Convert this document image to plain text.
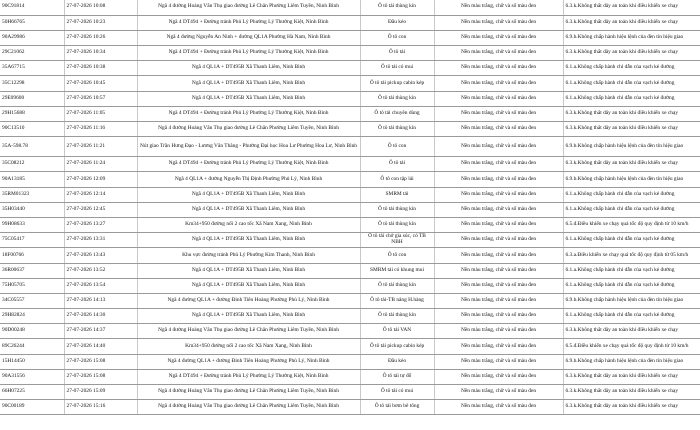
90C91814	27-07-2026 10:08	Ngã 4 đường Hoàng Văn Thụ giao đường Lê Chân Phường Liêm Tuyền, Ninh Bình	Ô tô tải thùng kín	Nền màu trắng, chữ và số màu đen	6.3.k.Không thắt dây an toàn khi điều khiển xe chạy
50H66765	27-07-2026 10:23	Ngã 4 DT494 + Đường tránh Phủ Lý Phường Lý Thường Kiệt, Ninh Bình	Đầu kéo	Nền màu trắng, chữ và số màu đen	6.3.k.Không thắt dây an toàn khi điều khiển xe chạy
90A29986	27-07-2026 10:26	Ngã 4 đường Nguyễn An Ninh + đường QL1A Phường Hà Nam, Ninh Bình	Ô tô con	Nền màu trắng, chữ và số màu đen	6.9.b.Không chấp hành hiệu lệnh của đèn tín hiệu giao
29C21062	27-07-2026 10:34	Ngã 4 DT494 + Đường tránh Phủ Lý Phường Lý Thường Kiệt, Ninh Bình	Ô tô tải	Nền màu trắng, chữ và số màu đen	6.3.k.Không thắt dây an toàn khi điều khiển xe chạy
35A67715	27-07-2026 10:38	Ngã 4 QL1A + DT495B Xã Thanh Liêm, Ninh Bình	Ô tô tải có mui	Nền màu trắng, chữ và số màu đen	6.1.a.Không chấp hành chỉ dẫn của vạch kẻ đường
35C12298	27-07-2026 10:45	Ngã 4 QL1A + DT495B Xã Thanh Liêm, Ninh Bình	Ô tô tải pickup cabin kép	Nền màu trắng, chữ và số màu đen	6.1.a.Không chấp hành chỉ dẫn của vạch kẻ đường
29E09600	27-07-2026 10:57	Ngã 4 QL1A + DT495B Xã Thanh Liêm, Ninh Bình	Ô tô tải thùng kín	Nền màu trắng, chữ và số màu đen	6.1.a.Không chấp hành chỉ dẫn của vạch kẻ đường
29H15688	27-07-2026 11:05	Ngã 4 DT494 + Đường tránh Phủ Lý Phường Lý Thường Kiệt, Ninh Bình	Ô tô tải chuyên dùng	Nền màu trắng, chữ và số màu đen	6.3.k.Không thắt dây an toàn khi điều khiển xe chạy
90C13510	27-07-2026 11:16	Ngã 4 đường Hoàng Văn Thụ giao đường Lê Chân Phường Liêm Tuyền, Ninh Bình	Ô tô tải thùng kín	Nền màu trắng, chữ và số màu đen	6.3.k.Không thắt dây an toàn khi điều khiển xe chạy
35A-598.78	27-07-2026 11:21	Nút giao Trần Hưng Đạo - Lương Văn Thăng - Phường Đại học Hoa Lư Phường Hoa Lư, Ninh Bình	Ô tô con	Nền màu trắng, chữ và số màu đen	6.9.b.Không chấp hành hiệu lệnh của đèn tín hiệu giao
35C08212	27-07-2026 11:24	Ngã 4 DT494 + Đường tránh Phủ Lý Phường Lý Thường Kiệt, Ninh Bình	Ô tô tải	Nền màu trắng, chữ và số màu đen	6.3.k.Không thắt dây an toàn khi điều khiển xe chạy
90A13185	27-07-2026 12:09	Ngã 4 QL1A + đường Nguyễn Thị Định Phường Phủ Lý, Ninh Bình	Ô tô con tập lái	Nền màu trắng, chữ và số màu đen	6.9.b.Không chấp hành hiệu lệnh của đèn tín hiệu giao
35RM01323	27-07-2026 12:14	Ngã 4 QL1A + DT495B Xã Thanh Liêm, Ninh Bình	SMRM tải	Nền màu trắng, chữ và số màu đen	6.1.a.Không chấp hành chỉ dẫn của vạch kẻ đường
35H03440	27-07-2026 12:45	Ngã 4 QL1A + DT495B Xã Thanh Liêm, Ninh Bình	Ô tô tải thùng kín	Nền màu trắng, chữ và số màu đen	6.1.a.Không chấp hành chỉ dẫn của vạch kẻ đường
99H08633	27-07-2026 13:27	Km34+950 đường nối 2 cao tốc Xã Nam Xang, Ninh Bình	Ô tô tải thùng kín	Nền màu trắng, chữ và số màu đen	6.5.đ.Điều khiển xe chạy quá tốc độ quy định từ 10 km/h
75C05417	27-07-2026 13:31	Ngã 4 QL1A + DT495B Xã Thanh Liêm, Ninh Bình	Ô tô tải chở gia súc, có TB NBH	Nền màu trắng, chữ và số màu đen	6.1.a.Không chấp hành chỉ dẫn của vạch kẻ đường
18F00766	27-07-2026 13:43	Khu vực đường tránh Phủ Lý Phường Kim Thanh, Ninh Bình	Ô tô con	Nền màu trắng, chữ và số màu đen	6.3.a.Điều khiển xe chạy quá tốc độ quy định từ 05 km/h
36R00637	27-07-2026 13:52	Ngã 4 QL1A + DT495B Xã Thanh Liêm, Ninh Bình	SMRM tải có khung mui	Nền màu trắng, chữ và số màu đen	6.1.a.Không chấp hành chỉ dẫn của vạch kẻ đường
75H05705	27-07-2026 13:54	Ngã 4 QL1A + DT495B Xã Thanh Liêm, Ninh Bình	Ô tô tải thùng kín	Nền màu trắng, chữ và số màu đen	6.1.a.Không chấp hành chỉ dẫn của vạch kẻ đường
34C05557	27-07-2026 14:13	Ngã 4 đường QL1A + đường Đinh Tiên Hoàng Phường Phủ Lý, Ninh Bình	Ô tô tải-TB nâng H.hàng	Nền màu trắng, chữ và số màu đen	6.9.b.Không chấp hành hiệu lệnh của đèn tín hiệu giao
29H82824	27-07-2026 14:30	Ngã 4 QL1A + DT495B Xã Thanh Liêm, Ninh Bình	Ô tô tải thùng kín	Nền màu trắng, chữ và số màu đen	6.1.a.Không chấp hành chỉ dẫn của vạch kẻ đường
90D00248	27-07-2026 14:37	Ngã 4 đường Hoàng Văn Thụ giao đường Lê Chân Phường Liêm Tuyền, Ninh Bình	Ô tô tải VAN	Nền màu trắng, chữ và số màu đen	6.3.k.Không thắt dây an toàn khi điều khiển xe chạy
89C26244	27-07-2026 14:40	Km34+950 đường nối 2 cao tốc Xã Nam Xang, Ninh Bình	Ô tô tải pickup cabin kép	Nền màu trắng, chữ và số màu đen	6.5.đ.Điều khiển xe chạy quá tốc độ quy định từ 10 km/h
15H14450	27-07-2026 15:08	Ngã 4 đường QL1A + đường Đinh Tiên Hoàng Phường Phủ Lý, Ninh Bình	Đầu kéo	Nền màu trắng, chữ và số màu đen	6.9.b.Không chấp hành hiệu lệnh của đèn tín hiệu giao
90A31556	27-07-2026 15:08	Ngã 4 DT494 + Đường tránh Phủ Lý Phường Lý Thường Kiệt, Ninh Bình	Ô tô tải tự đổ	Nền màu trắng, chữ và số màu đen	6.3.k.Không thắt dây an toàn khi điều khiển xe chạy
66H07225	27-07-2026 15:09	Ngã 4 đường Hoàng Văn Thụ giao đường Lê Chân Phường Liêm Tuyền, Ninh Bình	Ô tô tải có mui	Nền màu trắng, chữ và số màu đen	6.3.k.Không thắt dây an toàn khi điều khiển xe chạy
90C00189	27-07-2026 15:16	Ngã 4 đường Hoàng Văn Thụ giao đường Lê Chân Phường Liêm Tuyền, Ninh Bình	Ô tô tải bơm bê tông	Nền màu trắng, chữ và số màu đen	6.3.k.Không thắt dây an toàn khi điều khiển xe chạy
